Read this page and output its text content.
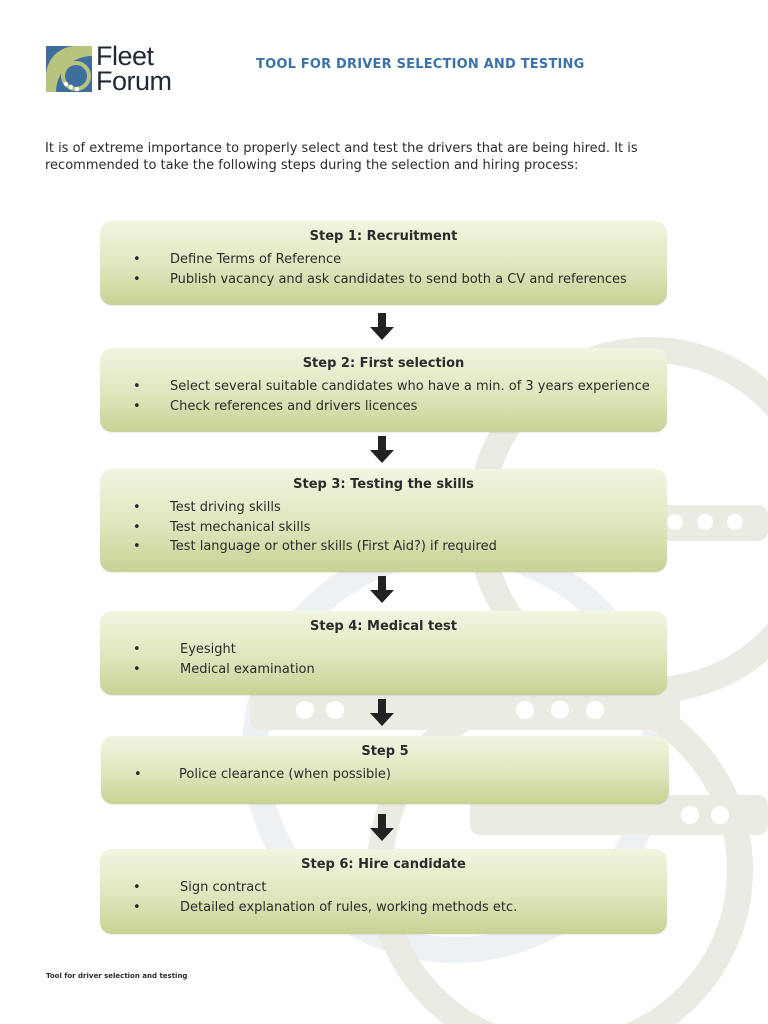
Fleet
Forum
TOOL FOR DRIVER SELECTION AND TESTING

It is of extreme importance to properly select and test the drivers that are being hired. It is recommended to take the following steps during the selection and hiring process:

Step 1: Recruitment

• Define Terms of Reference
• Publish vacancy and ask candidates to send both a CV and references

Step 2: First selection

• Select several suitable candidates who have a min. of 3 years experience
• Check references and drivers licences

Step 3: Testing the skills

• Test driving skills
• Test mechanical skills
• Test language or other skills (First Aid?) if required

Step 4: Medical test

• Eyesight
• Medical examination

Step 5

• Police clearance (when possible)

Step 6: Hire candidate

• Sign contract
• Detailed explanation of rules, working methods etc.
Tool for driver selection and testing
